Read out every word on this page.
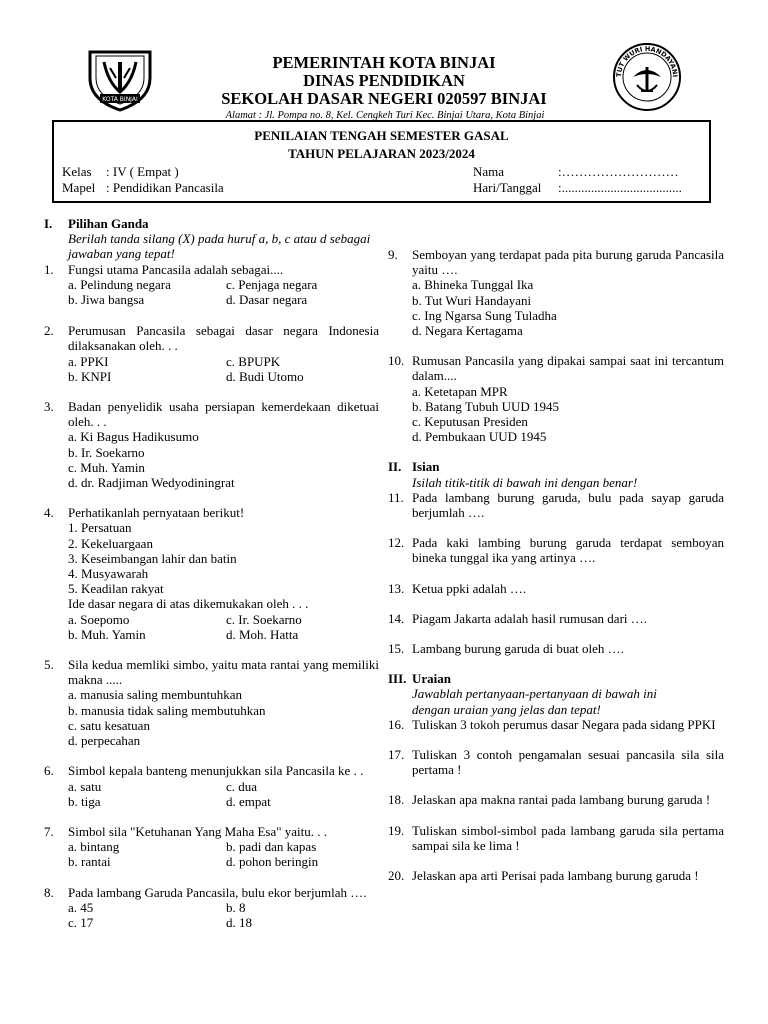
KOTA BINJAI
TUT WURI HANDAYANI
PEMERINTAH KOTA BINJAI
DINAS PENDIDIKAN
SEKOLAH DASAR NEGERI 020597 BINJAI
Alamat : Jl. Pompa no. 8, Kel. Cengkeh Turi Kec. Binjai Utara, Kota Binjai
PENILAIAN TENGAH SEMESTER GASAL
TAHUN PELAJARAN 2023/2024
Kelas : IV ( Empat )
Mapel : Pendidikan Pancasila
Nama	:………………………
Hari/Tanggal :.....................................
I. Pilihan Ganda
Berilah tanda silang (X) pada huruf a, b, c atau d sebagai jawaban yang tepat!
1. Fungsi utama Pancasila adalah sebagai....
a. Pelindung negara	c. Penjaga negara
b. Jiwa bangsa	d. Dasar negara
2. Perumusan Pancasila sebagai dasar negara Indonesia dilaksanakan oleh. . .
a. PPKI	c. BPUPK
b. KNPI	d. Budi Utomo
3. Badan penyelidik usaha persiapan kemerdekaan diketuai oleh. . .
a. Ki Bagus Hadikusumo
b. Ir. Soekarno
c. Muh. Yamin
d. dr. Radjiman Wedyodiningrat
4. Perhatikanlah pernyataan berikut!
1. Persatuan
2. Kekeluargaan
3. Keseimbangan lahir dan batin
4. Musyawarah
5. Keadilan rakyat
Ide dasar negara di atas dikemukakan oleh . . .
a. Soepomo	c. Ir. Soekarno
b. Muh. Yamin	d. Moh. Hatta
5. Sila kedua memliki simbo, yaitu mata rantai yang memiliki makna .....
a. manusia saling membuntuhkan
b. manusia tidak saling membutuhkan
c. satu kesatuan
d. perpecahan
6. Simbol kepala banteng menunjukkan sila Pancasila ke . .
a. satu	c. dua
b. tiga	d. empat
7. Simbol sila "Ketuhanan Yang Maha Esa" yaitu. . .
a. bintang	b. padi dan kapas
b. rantai	d. pohon beringin
8. Pada lambang Garuda Pancasila, bulu ekor berjumlah ….
a. 45	b. 8
c. 17	d. 18
9. Semboyan yang terdapat pada pita burung garuda Pancasila yaitu ….
a. Bhineka Tunggal Ika
b. Tut Wuri Handayani
c. Ing Ngarsa Sung Tuladha
d. Negara Kertagama
10. Rumusan Pancasila yang dipakai sampai saat ini tercantum dalam....
a. Ketetapan MPR
b. Batang Tubuh UUD 1945
c. Keputusan Presiden
d. Pembukaan UUD 1945
II. Isian
Isilah titik-titik di bawah ini dengan benar!
11. Pada lambang burung garuda, bulu pada sayap garuda berjumlah ….
12. Pada kaki lambing burung garuda terdapat semboyan bineka tunggal ika yang artinya ….
13. Ketua ppki adalah ….
14. Piagam Jakarta adalah hasil rumusan dari ….
15. Lambang burung garuda di buat oleh ….
III. Uraian
Jawablah pertanyaan-pertanyaan di bawah ini
dengan uraian yang jelas dan tepat!
16. Tuliskan 3 tokoh perumus dasar Negara pada sidang PPKI
17. Tuliskan 3 contoh pengamalan sesuai pancasila sila sila pertama !
18. Jelaskan apa makna rantai pada lambang burung garuda !
19. Tuliskan simbol-simbol pada lambang garuda sila pertama sampai sila ke lima !
20. Jelaskan apa arti Perisai pada lambang burung garuda !
